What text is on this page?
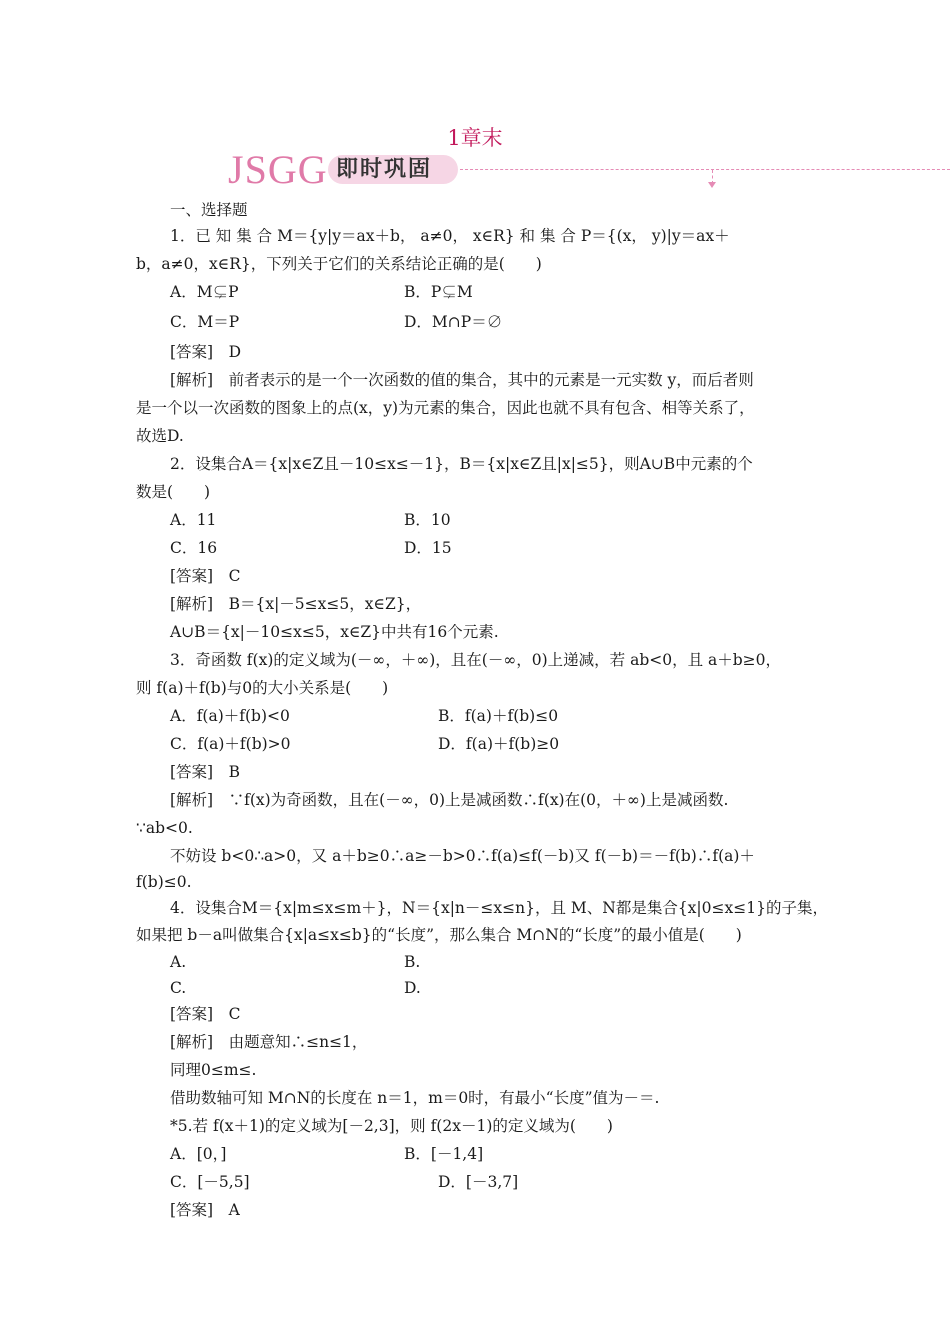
1章末
JSGG 即时巩固
一、选择题
1．已 知 集 合 M＝{y|y＝ax＋b， a≠0， x∈R} 和 集 合 P＝{(x， y)|y＝ax＋
b，a≠0，x∈R}，下列关于它们的关系结论正确的是(　　)
A．M⊊P	B．P⊊M
C．M＝P	D．M∩P＝∅
[答案]　D
[解析]　前者表示的是一个一次函数的值的集合，其中的元素是一元实数 y，而后者则
是一个以一次函数的图象上的点(x，y)为元素的集合，因此也就不具有包含、相等关系了，
故选D.
2．设集合A＝{x|x∈Z且－10≤x≤－1}，B＝{x|x∈Z且|x|≤5}，则A∪B中元素的个
数是(　　)
A．11	B．10
C．16	D．15
[答案]　C
[解析]　B＝{x|－5≤x≤5，x∈Z}，
A∪B＝{x|－10≤x≤5，x∈Z}中共有16个元素.
3．奇函数 f(x)的定义域为(－∞，＋∞)，且在(－∞，0)上递减，若 ab<0，且 a＋b≥0，
则 f(a)＋f(b)与0的大小关系是(　　)
A．f(a)＋f(b)<0	B．f(a)＋f(b)≤0
C．f(a)＋f(b)>0	D．f(a)＋f(b)≥0
[答案]　B
[解析]　∵f(x)为奇函数，且在(－∞，0)上是减函数∴f(x)在(0，＋∞)上是减函数.
∵ab<0.
不妨设 b<0∴a>0，又 a＋b≥0∴a≥－b>0∴f(a)≤f(－b)又 f(－b)＝－f(b)∴f(a)＋
f(b)≤0.
4．设集合M＝{x|m≤x≤m＋}，N＝{x|n－≤x≤n}，且 M、N都是集合{x|0≤x≤1}的子集，
如果把 b－a叫做集合{x|a≤x≤b}的“长度”，那么集合 M∩N的“长度”的最小值是(　　)
A.	B.
C.	D.
[答案]　C
[解析]　由题意知∴≤n≤1，
同理0≤m≤.
借助数轴可知 M∩N的长度在 n＝1，m＝0时，有最小“长度”值为－＝.
*5.若 f(x＋1)的定义域为[－2,3]，则 f(2x－1)的定义域为(　　)
A．[0，]	B．[－1,4]
C．[－5,5]	D．[－3,7]
[答案]　A
